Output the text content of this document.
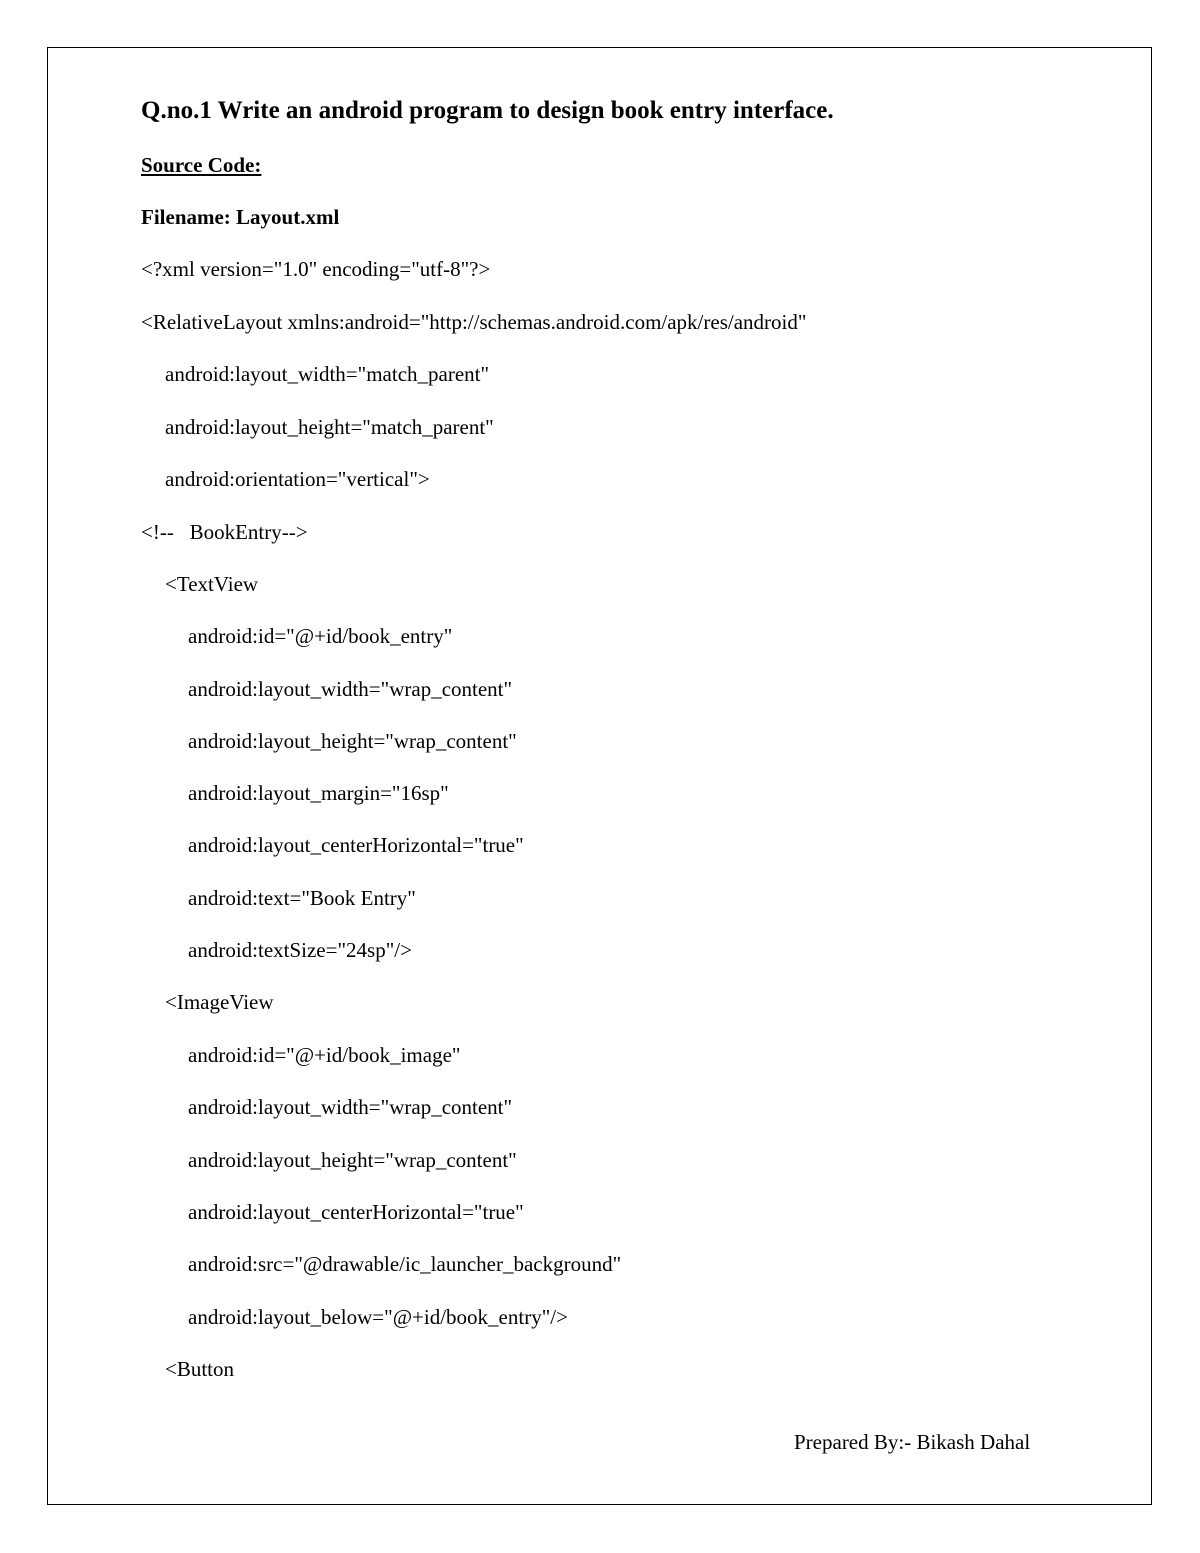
Q.no.1 Write an android program to design book entry interface.
Source Code:
Filename: Layout.xml
<?xml version="1.0" encoding="utf-8"?>
<RelativeLayout xmlns:android="http://schemas.android.com/apk/res/android"
android:layout_width="match_parent"
android:layout_height="match_parent"
android:orientation="vertical">
<!--   BookEntry-->
<TextView
android:id="@+id/book_entry"
android:layout_width="wrap_content"
android:layout_height="wrap_content"
android:layout_margin="16sp"
android:layout_centerHorizontal="true"
android:text="Book Entry"
android:textSize="24sp"/>
<ImageView
android:id="@+id/book_image"
android:layout_width="wrap_content"
android:layout_height="wrap_content"
android:layout_centerHorizontal="true"
android:src="@drawable/ic_launcher_background"
android:layout_below="@+id/book_entry"/>
<Button
Prepared By:- Bikash Dahal
